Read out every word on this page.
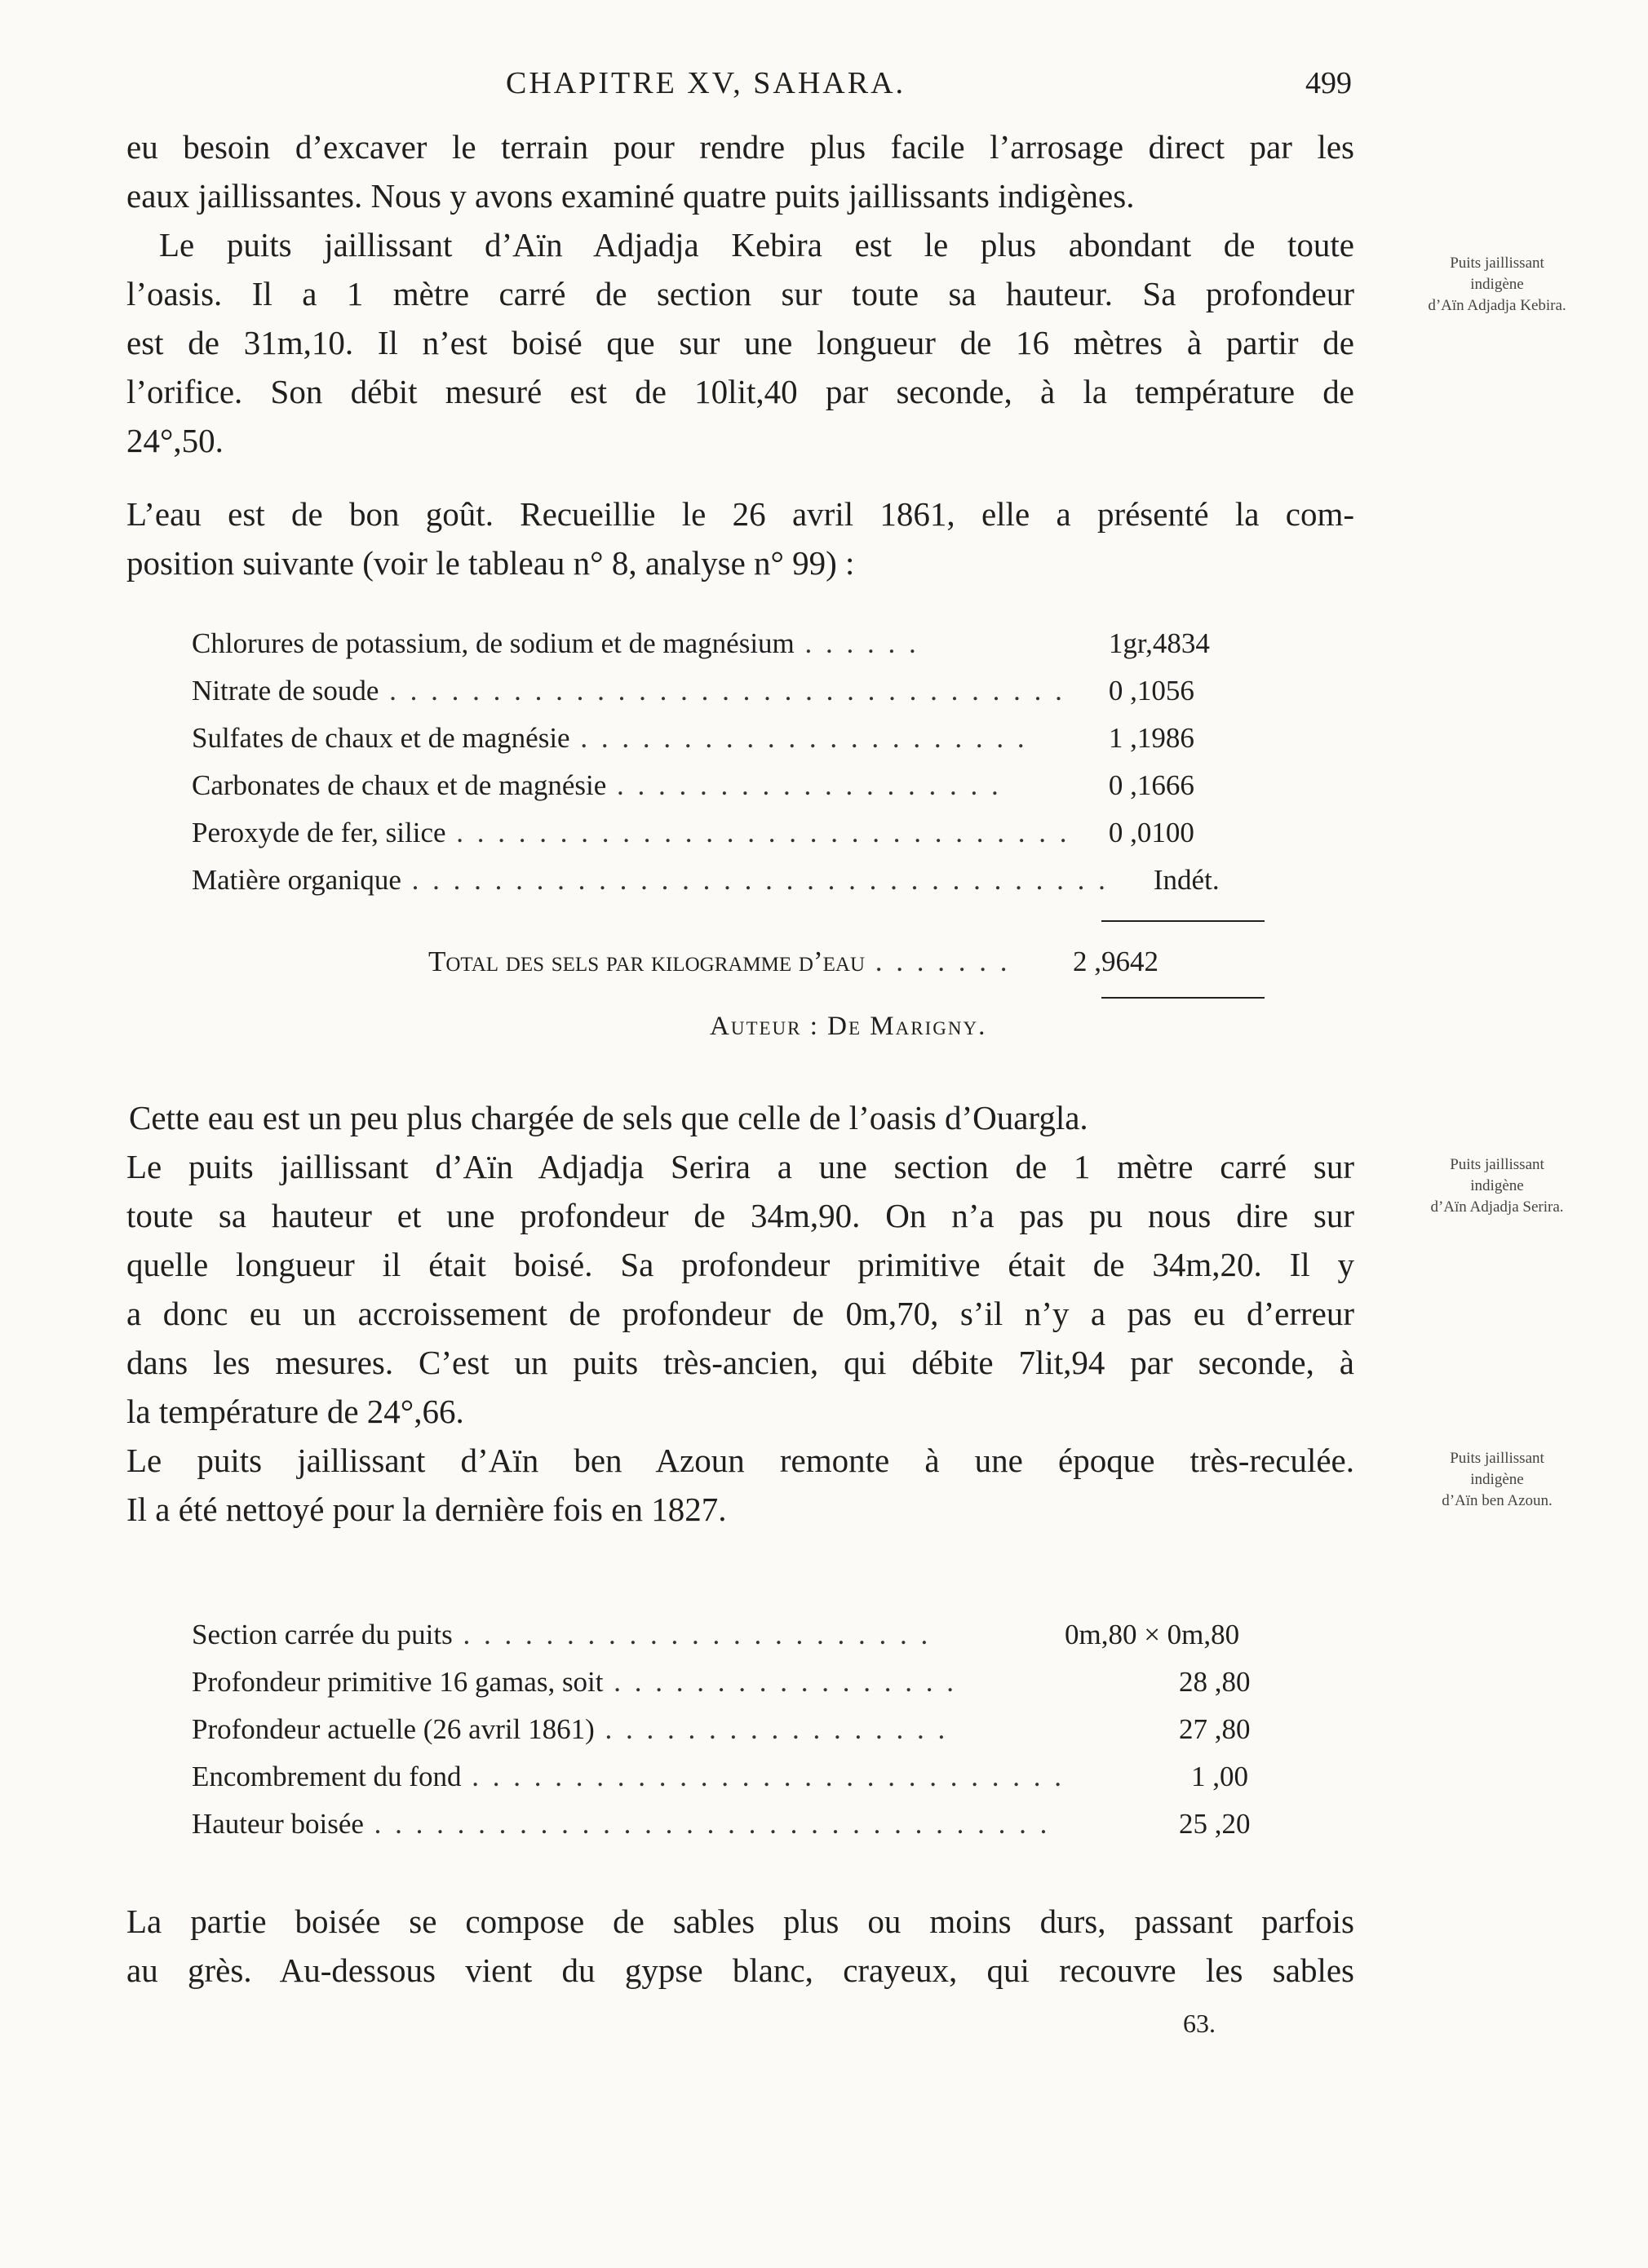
CHAPITRE XV, SAHARA.	499
eu besoin d’excaver le terrain pour rendre plus facile l’arrosage direct par les
eaux jaillissantes. Nous y avons examiné quatre puits jaillissants indigènes.
Le puits jaillissant d’Aïn Adjadja Kebira est le plus abondant de toute
l’oasis. Il a 1 mètre carré de section sur toute sa hauteur. Sa profondeur
est de 31m,10. Il n’est boisé que sur une longueur de 16 mètres à partir de
l’orifice. Son débit mesuré est de 10lit,40 par seconde, à la température de
24°,50.
Puits jaillissant
indigène
d’Aïn Adjadja Kebira.
L’eau est de bon goût. Recueillie le 26 avril 1861, elle a présenté la com-
position suivante (voir le tableau n° 8, analyse n° 99) :
Chlorures de potassium, de sodium et de magnésium . . . . . .	1gr,4834
Nitrate de soude . . . . . . . . . . . . . . . . . . . . . . . . . . . . . . . . .	0 ,1056
Sulfates de chaux et de magnésie . . . . . . . . . . . . . . . . . . . . . .	1 ,1986
Carbonates de chaux et de magnésie . . . . . . . . . . . . . . . . . . .	0 ,1666
Peroxyde de fer, silice . . . . . . . . . . . . . . . . . . . . . . . . . . . . . .	0 ,0100
Matière organique . . . . . . . . . . . . . . . . . . . . . . . . . . . . . . . . . .	Indét.
Total des sels par kilogramme d’eau . . . . . . .	2 ,9642
Auteur : De Marigny.
Cette eau est un peu plus chargée de sels que celle de l’oasis d’Ouargla.
Le puits jaillissant d’Aïn Adjadja Serira a une section de 1 mètre carré sur
toute sa hauteur et une profondeur de 34m,90. On n’a pas pu nous dire sur
quelle longueur il était boisé. Sa profondeur primitive était de 34m,20. Il y
a donc eu un accroissement de profondeur de 0m,70, s’il n’y a pas eu d’erreur
dans les mesures. C’est un puits très-ancien, qui débite 7lit,94 par seconde, à
la température de 24°,66.
Puits jaillissant
indigène
d’Aïn Adjadja Serira.
Le puits jaillissant d’Aïn ben Azoun remonte à une époque très-reculée.
Il a été nettoyé pour la dernière fois en 1827.
Puits jaillissant
indigène
d’Aïn ben Azoun.
Section carrée du puits . . . . . . . . . . . . . . . . . . . . . . .	0m,80 × 0m,80
Profondeur primitive 16 gamas, soit . . . . . . . . . . . . . . . . .	28 ,80
Profondeur actuelle (26 avril 1861) . . . . . . . . . . . . . . . . .	27 ,80
Encombrement du fond . . . . . . . . . . . . . . . . . . . . . . . . . . . . .	1 ,00
Hauteur boisée . . . . . . . . . . . . . . . . . . . . . . . . . . . . . . . . .	25 ,20
La partie boisée se compose de sables plus ou moins durs, passant parfois
au grès. Au-dessous vient du gypse blanc, crayeux, qui recouvre les sables
63.
